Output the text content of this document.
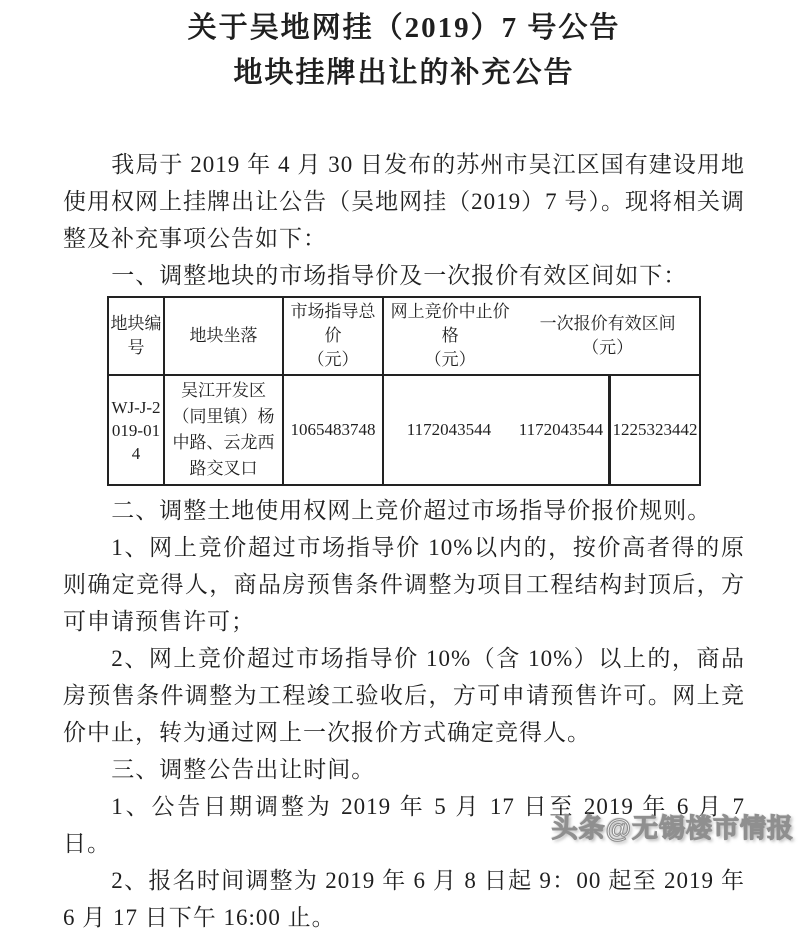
关于吴地网挂（2019）7 号公告
地块挂牌出让的补充公告

我局于 2019 年 4 月 30 日发布的苏州市吴江区国有建设用地使用权网上挂牌出让公告（吴地网挂（2019）7 号）。现将相关调整及补充事项公告如下：

一、调整地块的市场指导价及一次报价有效区间如下：

地块编号
地块坐落
市场指导总价
（元）
网上竞价中止价格
（元）
一次报价有效区间
（元）
WJ-J-2019-014
吴江开发区（同里镇）杨中路、云龙西路交叉口
1065483748	1172043544	1172043544 1225323442

二、调整土地使用权网上竞价超过市场指导价报价规则。

1、网上竞价超过市场指导价 10%以内的，按价高者得的原则确定竞得人，商品房预售条件调整为项目工程结构封顶后，方可申请预售许可；

2、网上竞价超过市场指导价 10%（含 10%）以上的，商品房预售条件调整为工程竣工验收后，方可申请预售许可。网上竞价中止，转为通过网上一次报价方式确定竞得人。

三、调整公告出让时间。

1、公告日期调整为 2019 年 5 月 17 日至 2019 年 6 月 7 日。

2、报名时间调整为 2019 年 6 月 8 日起 9：00 起至 2019 年 6 月 17 日下午 16:00 止。

头条@无锡楼市情报
